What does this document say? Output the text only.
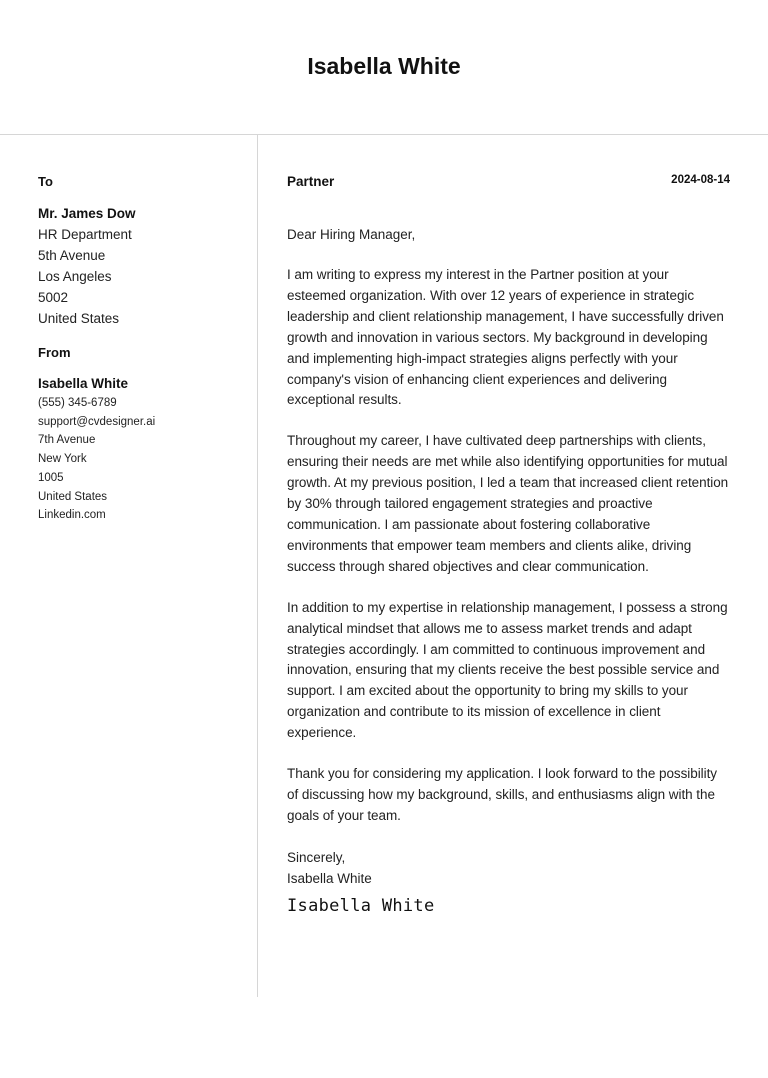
Isabella White
To
Mr. James Dow
HR Department
5th Avenue
Los Angeles
5002
United States
From
Isabella White
(555) 345-6789
support@cvdesigner.ai
7th Avenue
New York
1005
United States
Linkedin.com
Partner	2024-08-14
Dear Hiring Manager,

I am writing to express my interest in the Partner position at your esteemed organization. With over 12 years of experience in strategic leadership and client relationship management, I have successfully driven growth and innovation in various sectors. My background in developing and implementing high-impact strategies aligns perfectly with your company's vision of enhancing client experiences and delivering exceptional results.

Throughout my career, I have cultivated deep partnerships with clients, ensuring their needs are met while also identifying opportunities for mutual growth. At my previous position, I led a team that increased client retention by 30% through tailored engagement strategies and proactive communication. I am passionate about fostering collaborative environments that empower team members and clients alike, driving success through shared objectives and clear communication.

In addition to my expertise in relationship management, I possess a strong analytical mindset that allows me to assess market trends and adapt strategies accordingly. I am committed to continuous improvement and innovation, ensuring that my clients receive the best possible service and support. I am excited about the opportunity to bring my skills to your organization and contribute to its mission of excellence in client experience.

Thank you for considering my application. I look forward to the possibility of discussing how my background, skills, and enthusiasms align with the goals of your team.

Sincerely,
Isabella White
Isabella White
